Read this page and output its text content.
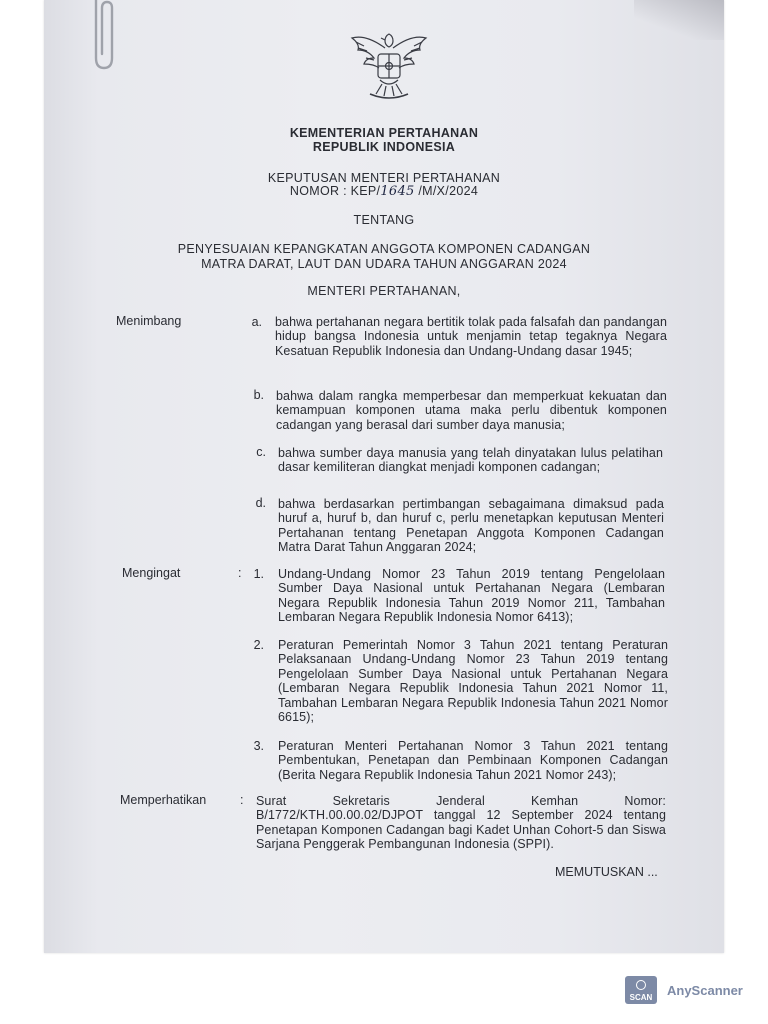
KEMENTERIAN PERTAHANAN
REPUBLIK INDONESIA
KEPUTUSAN MENTERI PERTAHANAN
NOMOR : KEP/1645 /M/X/2024
TENTANG
PENYESUAIAN KEPANGKATAN ANGGOTA KOMPONEN CADANGAN
MATRA DARAT, LAUT DAN UDARA TAHUN ANGGARAN 2024
MENTERI PERTAHANAN,
Menimbang	a. bahwa pertahanan negara bertitik tolak pada falsafah dan pandangan hidup bangsa Indonesia untuk menjamin tetap tegaknya Negara Kesatuan Republik Indonesia dan Undang-Undang dasar 1945;
b. bahwa dalam rangka memperbesar dan memperkuat kekuatan dan kemampuan komponen utama maka perlu dibentuk komponen cadangan yang berasal dari sumber daya manusia;
c. bahwa sumber daya manusia yang telah dinyatakan lulus pelatihan dasar kemiliteran diangkat menjadi komponen cadangan;
d. bahwa berdasarkan pertimbangan sebagaimana dimaksud pada huruf a, huruf b, dan huruf c, perlu menetapkan keputusan Menteri Pertahanan tentang Penetapan Anggota Komponen Cadangan Matra Darat Tahun Anggaran 2024;
Mengingat	: 1. Undang-Undang Nomor 23 Tahun 2019 tentang Pengelolaan Sumber Daya Nasional untuk Pertahanan Negara (Lembaran Negara Republik Indonesia Tahun 2019 Nomor 211, Tambahan Lembaran Negara Republik Indonesia Nomor 6413);
2. Peraturan Pemerintah Nomor 3 Tahun 2021 tentang Peraturan Pelaksanaan Undang-Undang Nomor 23 Tahun 2019 tentang Pengelolaan Sumber Daya Nasional untuk Pertahanan Negara (Lembaran Negara Republik Indonesia Tahun 2021 Nomor 11, Tambahan Lembaran Negara Republik Indonesia Tahun 2021 Nomor 6615);
3. Peraturan Menteri Pertahanan Nomor 3 Tahun 2021 tentang Pembentukan, Penetapan dan Pembinaan Komponen Cadangan (Berita Negara Republik Indonesia Tahun 2021 Nomor 243);
Memperhatikan	: Surat Sekretaris Jenderal Kemhan Nomor: B/1772/KTH.00.00.02/DJPOT tanggal 12 September 2024 tentang Penetapan Komponen Cadangan bagi Kadet Unhan Cohort-5 dan Siswa Sarjana Penggerak Pembangunan Indonesia (SPPI).
MEMUTUSKAN ...
SCAN AnyScanner
